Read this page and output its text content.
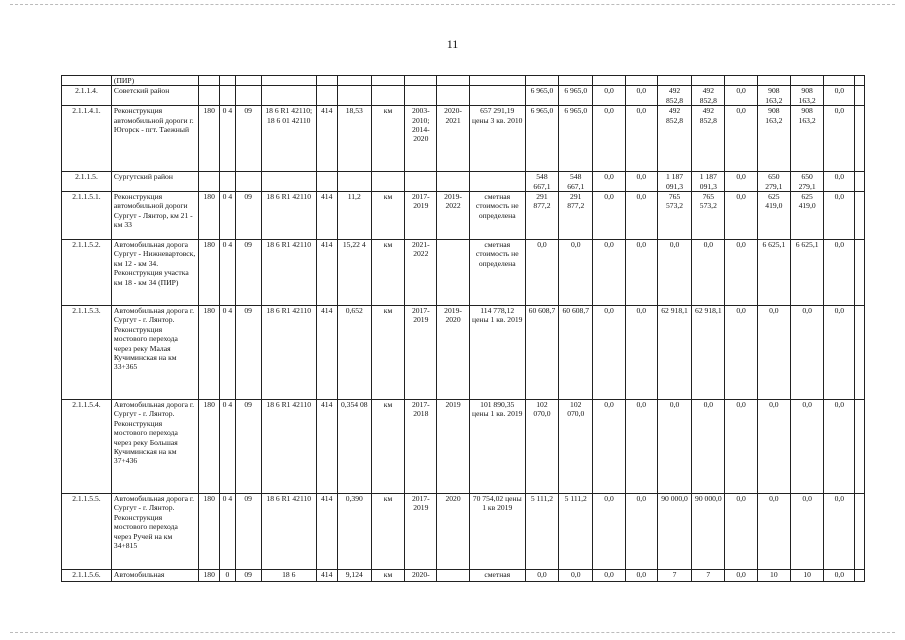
11
	(ПИР)																					
2.1.1.4.	Советский район											6 965,0	6 965,0	0,0	0,0	492 852,8	492 852,8	0,0	908 163,2	908 163,2	0,0	
2.1.1.4.1.	Реконструкция автомобильной дороги г. Югорск - пгт. Таежный	180	0 4	09	18 6 R1 42110; 18 6 01 42110	414	18,53	км	2003-2010; 2014-2020	2020-2021	657 291,19 цены 3 кв. 2010	6 965,0	6 965,0	0,0	0,0	492 852,8	492 852,8	0,0	908 163,2	908 163,2	0,0	
2.1.1.5.	Сургутский район											548 667,1	548 667,1	0,0	0,0	1 187 091,3	1 187 091,3	0,0	650 279,1	650 279,1	0,0	
2.1.1.5.1.	Реконструкция автомобильной дороги Сургут - Лянтор, км 21 - км 33	180	0 4	09	18 6 R1 42110	414	11,2	км	2017-2019	2019-2022	сметная стоимость не определена	291 877,2	291 877,2	0,0	0,0	765 573,2	765 573,2	0,0	625 419,0	625 419,0	0,0	
2.1.1.5.2.	Автомобильная дорога Сургут - Нижневартовск, км 12 - км 34. Реконструкция участка км 18 - км 34 (ПИР)	180	0 4	09	18 6 R1 42110	414	15,22 4	км	2021-2022		сметная стоимость не определена	0,0	0,0	0,0	0,0	0,0	0,0	0,0	6 625,1	6 625,1	0,0	
2.1.1.5.3.	Автомобильная дорога г. Сургут - г. Лянтор. Реконструкция мостового перехода через реку Малая Кучиминская на км 33+365	180	0 4	09	18 6 R1 42110	414	0,652	км	2017-2019	2019-2020	114 778,12 цены 1 кв. 2019	60 608,7	60 608,7	0,0	0,0	62 918,1	62 918,1	0,0	0,0	0,0	0,0	
2.1.1.5.4.	Автомобильная дорога г. Сургут - г. Лянтор. Реконструкция мостового перехода через реку Большая Кучиминская на км 37+436	180	0 4	09	18 6 R1 42110	414	0,354 08	км	2017-2018	2019	101 890,35 цены 1 кв. 2019	102 070,0	102 070,0	0,0	0,0	0,0	0,0	0,0	0,0	0,0	0,0	
2.1.1.5.5.	Автомобильная дорога г. Сургут - г. Лянтор. Реконструкция мостового перехода через Ручей на км 34+815	180	0 4	09	18 6 R1 42110	414	0,390	км	2017-2019	2020	70 754,02 цены 1 кв 2019	5 111,2	5 111,2	0,0	0,0	90 000,0	90 000,0	0,0	0,0	0,0	0,0	
2.1.1.5.6.	Автомобильная	180	0	09	18 6	414	9,124	км	2020-		сметная	0,0	0,0	0,0	0,0	7	7	0,0	10	10	0,0	
